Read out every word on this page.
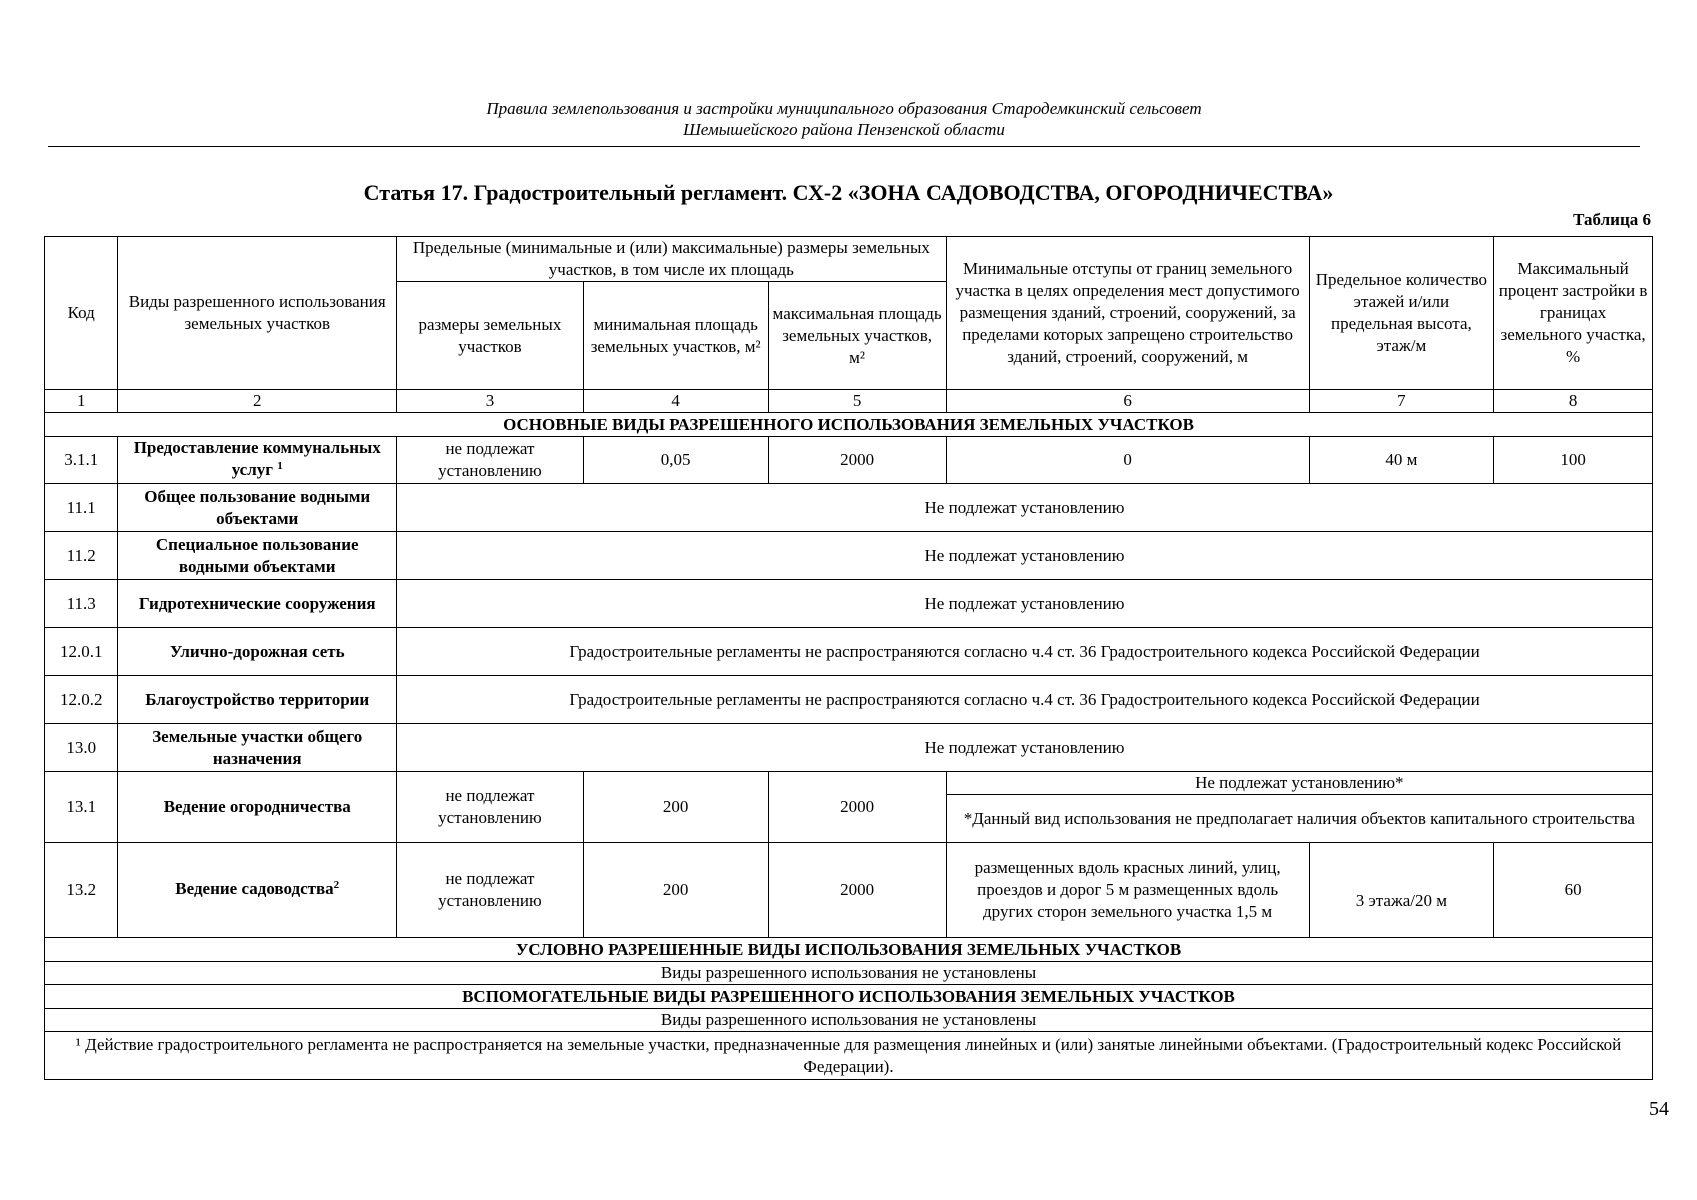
Правила землепользования и застройки муниципального образования Стародемкинский сельсовет
Шемышейского района Пензенской области
Статья 17. Градостроительный регламент. СХ-2 «ЗОНА САДОВОДСТВА, ОГОРОДНИЧЕСТВА»
Таблица 6
Код	Виды разрешенного использования земельных участков	Предельные (минимальные и (или) максимальные) размеры земельных участков, в том числе их площадь			Минимальные отступы от границ земельного участка в целях определения мест допустимого размещения зданий, строений, сооружений, за пределами которых запрещено строительство зданий, строений, сооружений, м	Предельное количество этажей и/или предельная высота, этаж/м	Максимальный процент застройки в границах земельного участка, %
		размеры земельных участков	минимальная площадь земельных участков, м²	максимальная площадь земельных участков, м²			
1	2	3	4	5	6	7	8
ОСНОВНЫЕ ВИДЫ РАЗРЕШЕННОГО ИСПОЛЬЗОВАНИЯ ЗЕМЕЛЬНЫХ УЧАСТКОВ							
3.1.1	Предоставление коммунальных услуг $^1$	не подлежат установлению	0,05	2000	0	40 м	100
11.1	Общее пользование водными объектами	Не подлежат установлению					
11.2	Специальное пользование водными объектами	Не подлежат установлению					
11.3	Гидротехнические сооружения	Не подлежат установлению					
12.0.1	Улично-дорожная сеть	Градостроительные регламенты не распространяются согласно ч.4 ст. 36 Градостроительного кодекса Российской Федерации					
12.0.2	Благоустройство территории	Градостроительные регламенты не распространяются согласно ч.4 ст. 36 Градостроительного кодекса Российской Федерации					
13.0	Земельные участки общего назначения	Не подлежат установлению					
13.1	Ведение огородничества	не подлежат установлению	200	2000	Не подлежат установлению*		
					*Данный вид использования не предполагает наличия объектов капитального строительства		
13.2	Ведение садоводства$^2$	не подлежат установлению	200	2000	размещенных вдоль красных линий, улиц, проездов и дорог 5 м размещенных вдоль других сторон земельного участка 1,5 м	3 этажа/20 м	60
УСЛОВНО РАЗРЕШЕННЫЕ ВИДЫ ИСПОЛЬЗОВАНИЯ ЗЕМЕЛЬНЫХ УЧАСТКОВ							
Виды разрешенного использования не установлены							
ВСПОМОГАТЕЛЬНЫЕ ВИДЫ РАЗРЕШЕННОГО ИСПОЛЬЗОВАНИЯ ЗЕМЕЛЬНЫХ УЧАСТКОВ							
Виды разрешенного использования не установлены							
¹ Действие градостроительного регламента не распространяется на земельные участки, предназначенные для размещения линейных и (или) занятые линейными объектами. (Градостроительный кодекс Российской Федерации).							
54
